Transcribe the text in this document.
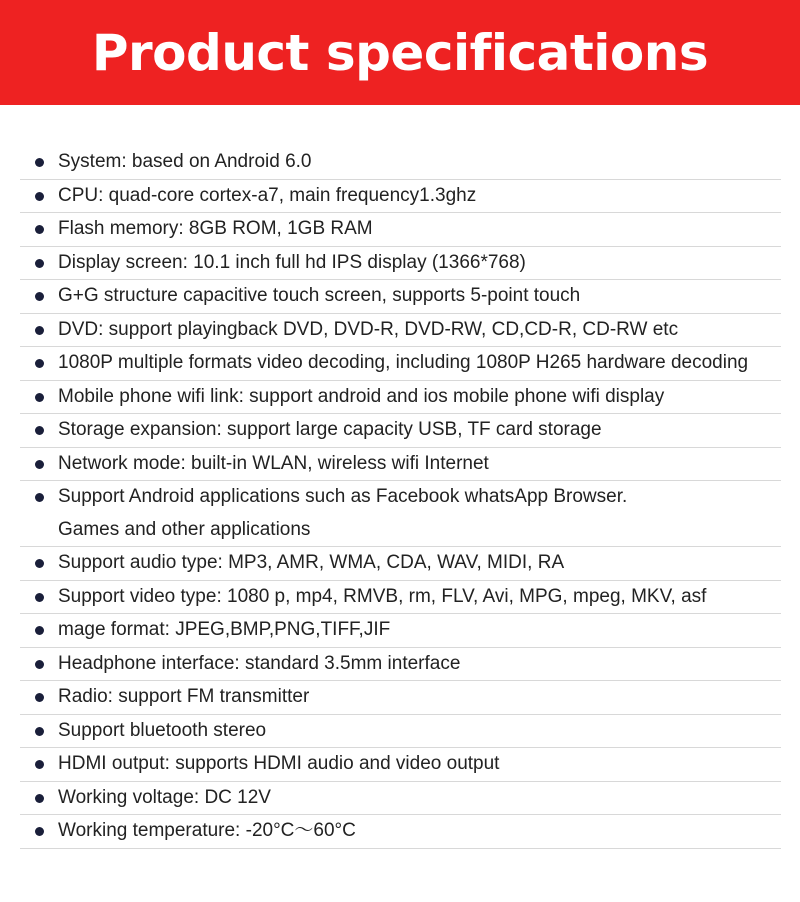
Product specifications
System: based on Android 6.0
CPU: quad-core cortex-a7, main frequency1.3ghz
Flash memory: 8GB ROM, 1GB RAM
Display screen: 10.1 inch full hd IPS display (1366*768)
G+G structure capacitive touch screen, supports 5-point touch
DVD: support playingback DVD, DVD-R, DVD-RW, CD,CD-R, CD-RW etc
1080P multiple formats video decoding, including 1080P H265 hardware decoding
Mobile phone wifi link: support android and ios mobile phone wifi display
Storage expansion: support large capacity USB, TF card storage
Network mode: built-in WLAN, wireless wifi Internet
Support Android applications such as Facebook whatsApp Browser.
Games and other applications
Support audio type: MP3, AMR, WMA, CDA, WAV, MIDI, RA
Support video type: 1080 p, mp4, RMVB, rm, FLV, Avi, MPG, mpeg, MKV, asf
mage format: JPEG,BMP,PNG,TIFF,JIF
Headphone interface: standard 3.5mm interface
Radio: support FM transmitter
Support bluetooth stereo
HDMI output: supports HDMI audio and video output
Working voltage: DC 12V
Working temperature: -20°C～60°C
